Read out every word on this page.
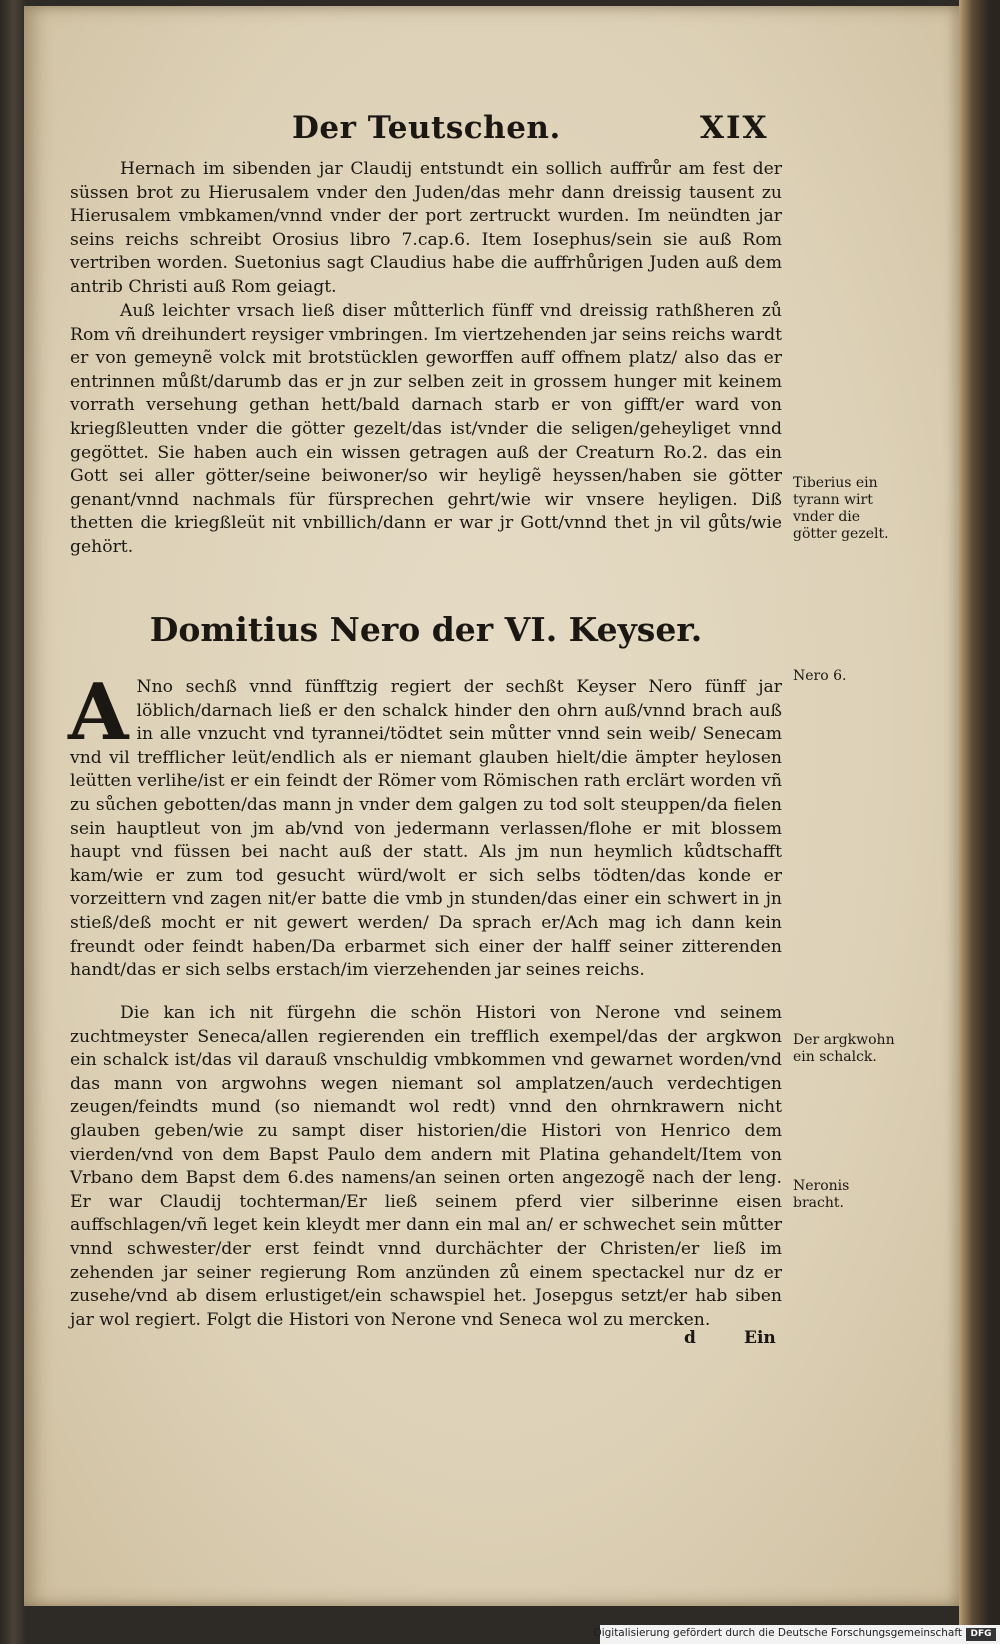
Der Teutschen.	XIX

Hernach im sibenden jar Claudij entstundt ein sollich auffrůr am fest der süssen brot zu Hierusalem vnder den Juden/das mehr dann dreissig tausent zu Hierusalem vmbkamen/vnnd vnder der port zertruckt wurden. Im neündten jar seins reichs schreibt Orosius libro 7.cap.6. Item Iosephus/sein sie auß Rom vertriben worden. Suetonius sagt Claudius habe die auffrhůrigen Juden auß dem antrib Christi auß Rom geiagt.

Auß leichter vrsach ließ diser můtterlich fünff vnd dreissig rathßheren zů Rom vñ dreihundert reysiger vmbringen. Im viertzehenden jar seins reichs wardt er von gemeynẽ volck mit brotstücklen geworffen auff offnem platz/ also das er entrinnen můßt/darumb das er jn zur selben zeit in grossem hunger mit keinem vorrath versehung gethan hett/bald darnach starb er von gifft/er ward von kriegßleutten vnder die götter gezelt/das ist/vnder die seligen/geheyliget vnnd gegöttet. Sie haben auch ein wissen getragen auß der Creaturn Ro.2. das ein Gott sei aller götter/seine beiwoner/so wir heyligẽ heyssen/haben sie götter genant/vnnd nachmals für fürsprechen gehrt/wie wir vnsere heyligen. Diß thetten die kriegßleüt nit vnbillich/dann er war jr Gott/vnnd thet jn vil gůts/wie gehört.

Domitius Nero der VI. Keyser.

A Nno sechß vnnd fünfftzig regiert der sechßt Keyser Nero fünff jar löblich/darnach ließ er den schalck hinder den ohrn auß/vnnd brach auß in alle vnzucht vnd tyrannei/tödtet sein můtter vnnd sein weib/ Senecam vnd vil trefflicher leüt/endlich als er niemant glauben hielt/die ämpter heylosen leütten verlihe/ist er ein feindt der Römer vom Römischen rath erclärt worden vñ zu sůchen gebotten/das mann jn vnder dem galgen zu tod solt steuppen/da fielen sein hauptleut von jm ab/vnd von jedermann verlassen/flohe er mit blossem haupt vnd füssen bei nacht auß der statt. Als jm nun heymlich kůdtschafft kam/wie er zum tod gesucht würd/wolt er sich selbs tödten/das konde er vorzeittern vnd zagen nit/er batte die vmb jn stunden/das einer ein schwert in jn stieß/deß mocht er nit gewert werden/ Da sprach er/Ach mag ich dann kein freundt oder feindt haben/Da erbarmet sich einer der halff seiner zitterenden handt/das er sich selbs erstach/im vierzehenden jar seines reichs.

Die kan ich nit fürgehn die schön Histori von Nerone vnd seinem zuchtmeyster Seneca/allen regierenden ein trefflich exempel/das der argkwon ein schalck ist/das vil darauß vnschuldig vmbkommen vnd gewarnet worden/vnd das mann von argwohns wegen niemant sol amplatzen/auch verdechtigen zeugen/feindts mund (so niemandt wol redt) vnnd den ohrnkrawern nicht glauben geben/wie zu sampt diser historien/die Histori von Henrico dem vierden/vnd von dem Bapst Paulo dem andern mit Platina gehandelt/Item von Vrbano dem Bapst dem 6.des namens/an seinen orten angezogẽ nach der leng. Er war Claudij tochterman/Er ließ seinem pferd vier silberinne eisen auffschlagen/vñ leget kein kleydt mer dann ein mal an/ er schwechet sein můtter vnnd schwester/der erst feindt vnnd durchächter der Christen/er ließ im zehenden jar seiner regierung Rom anzünden zů einem spectackel nur dz er zusehe/vnd ab disem erlustiget/ein schawspiel het. Josepgus setzt/er hab siben jar wol regiert. Folgt die Histori von Nerone vnd Seneca wol zu mercken.

Tiberius ein tyrann wirt vnder die götter gezelt.
Nero 6.
Der argkwohn ein schalck.
Neronis bracht.
d	Ein
Digitalisierung gefördert durch die Deutsche Forschungsgemeinschaft DFG
